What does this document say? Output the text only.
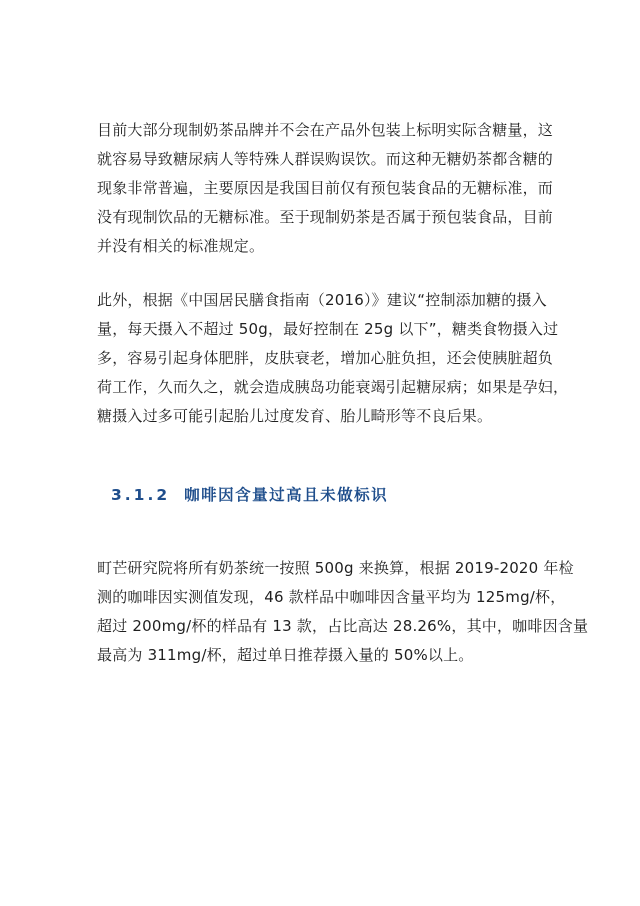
目前大部分现制奶茶品牌并不会在产品外包装上标明实际含糖量，这
就容易导致糖尿病人等特殊人群误购误饮。而这种无糖奶茶都含糖的
现象非常普遍，主要原因是我国目前仅有预包装食品的无糖标准，而
没有现制饮品的无糖标准。至于现制奶茶是否属于预包装食品，目前
并没有相关的标准规定。
此外，根据《中国居民膳食指南（2016）》建议“控制添加糖的摄入
量，每天摄入不超过 50g，最好控制在 25g 以下”，糖类食物摄入过
多，容易引起身体肥胖，皮肤衰老，增加心脏负担，还会使胰脏超负
荷工作，久而久之，就会造成胰岛功能衰竭引起糖尿病；如果是孕妇，
糖摄入过多可能引起胎儿过度发育、胎儿畸形等不良后果。
3.1.2 咖啡因含量过高且未做标识
町芒研究院将所有奶茶统一按照 500g 来换算，根据 2019-2020 年检
测的咖啡因实测值发现，46 款样品中咖啡因含量平均为 125mg/杯，
超过 200mg/杯的样品有 13 款，占比高达 28.26%，其中，咖啡因含量
最高为 311mg/杯，超过单日推荐摄入量的 50%以上。
